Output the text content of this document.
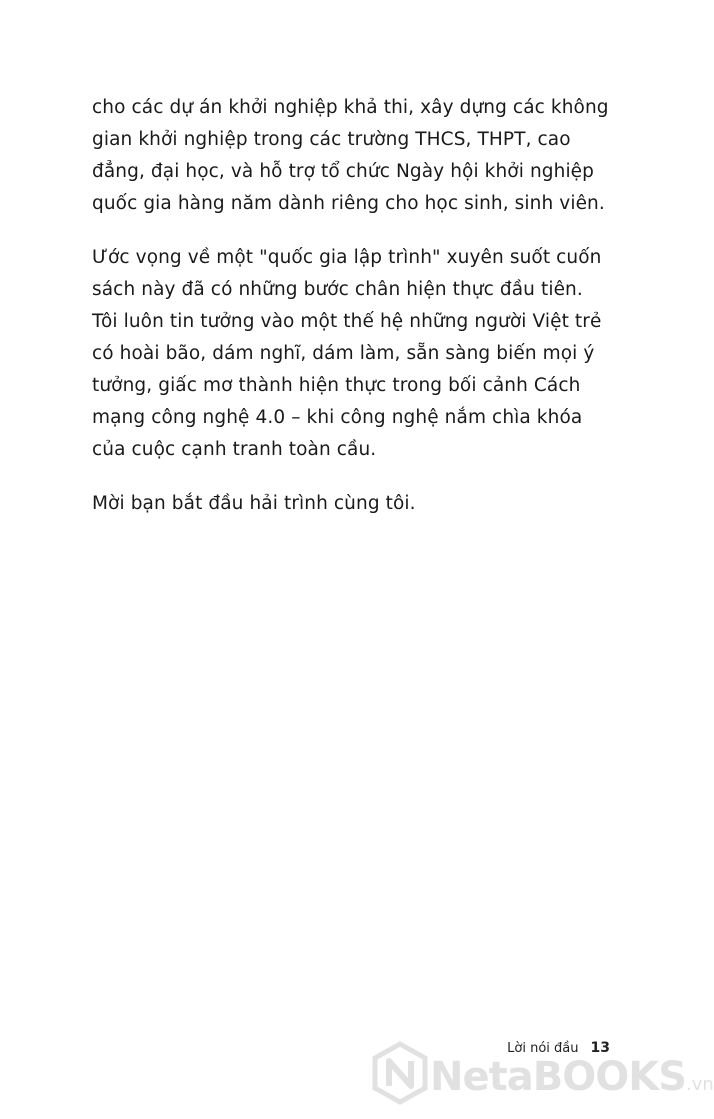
cho các dự án khởi nghiệp khả thi, xây dựng các không
gian khởi nghiệp trong các trường THCS, THPT, cao
đẳng, đại học, và hỗ trợ tổ chức Ngày hội khởi nghiệp
quốc gia hàng năm dành riêng cho học sinh, sinh viên.
Ước vọng về một "quốc gia lập trình" xuyên suốt cuốn
sách này đã có những bước chân hiện thực đầu tiên.
Tôi luôn tin tưởng vào một thế hệ những người Việt trẻ
có hoài bão, dám nghĩ, dám làm, sẵn sàng biến mọi ý
tưởng, giấc mơ thành hiện thực trong bối cảnh Cách
mạng công nghệ 4.0 – khi công nghệ nắm chìa khóa
của cuộc cạnh tranh toàn cầu.
Mời bạn bắt đầu hải trình cùng tôi.
NetaBOOKS.vn
Lời nói đầu 13
